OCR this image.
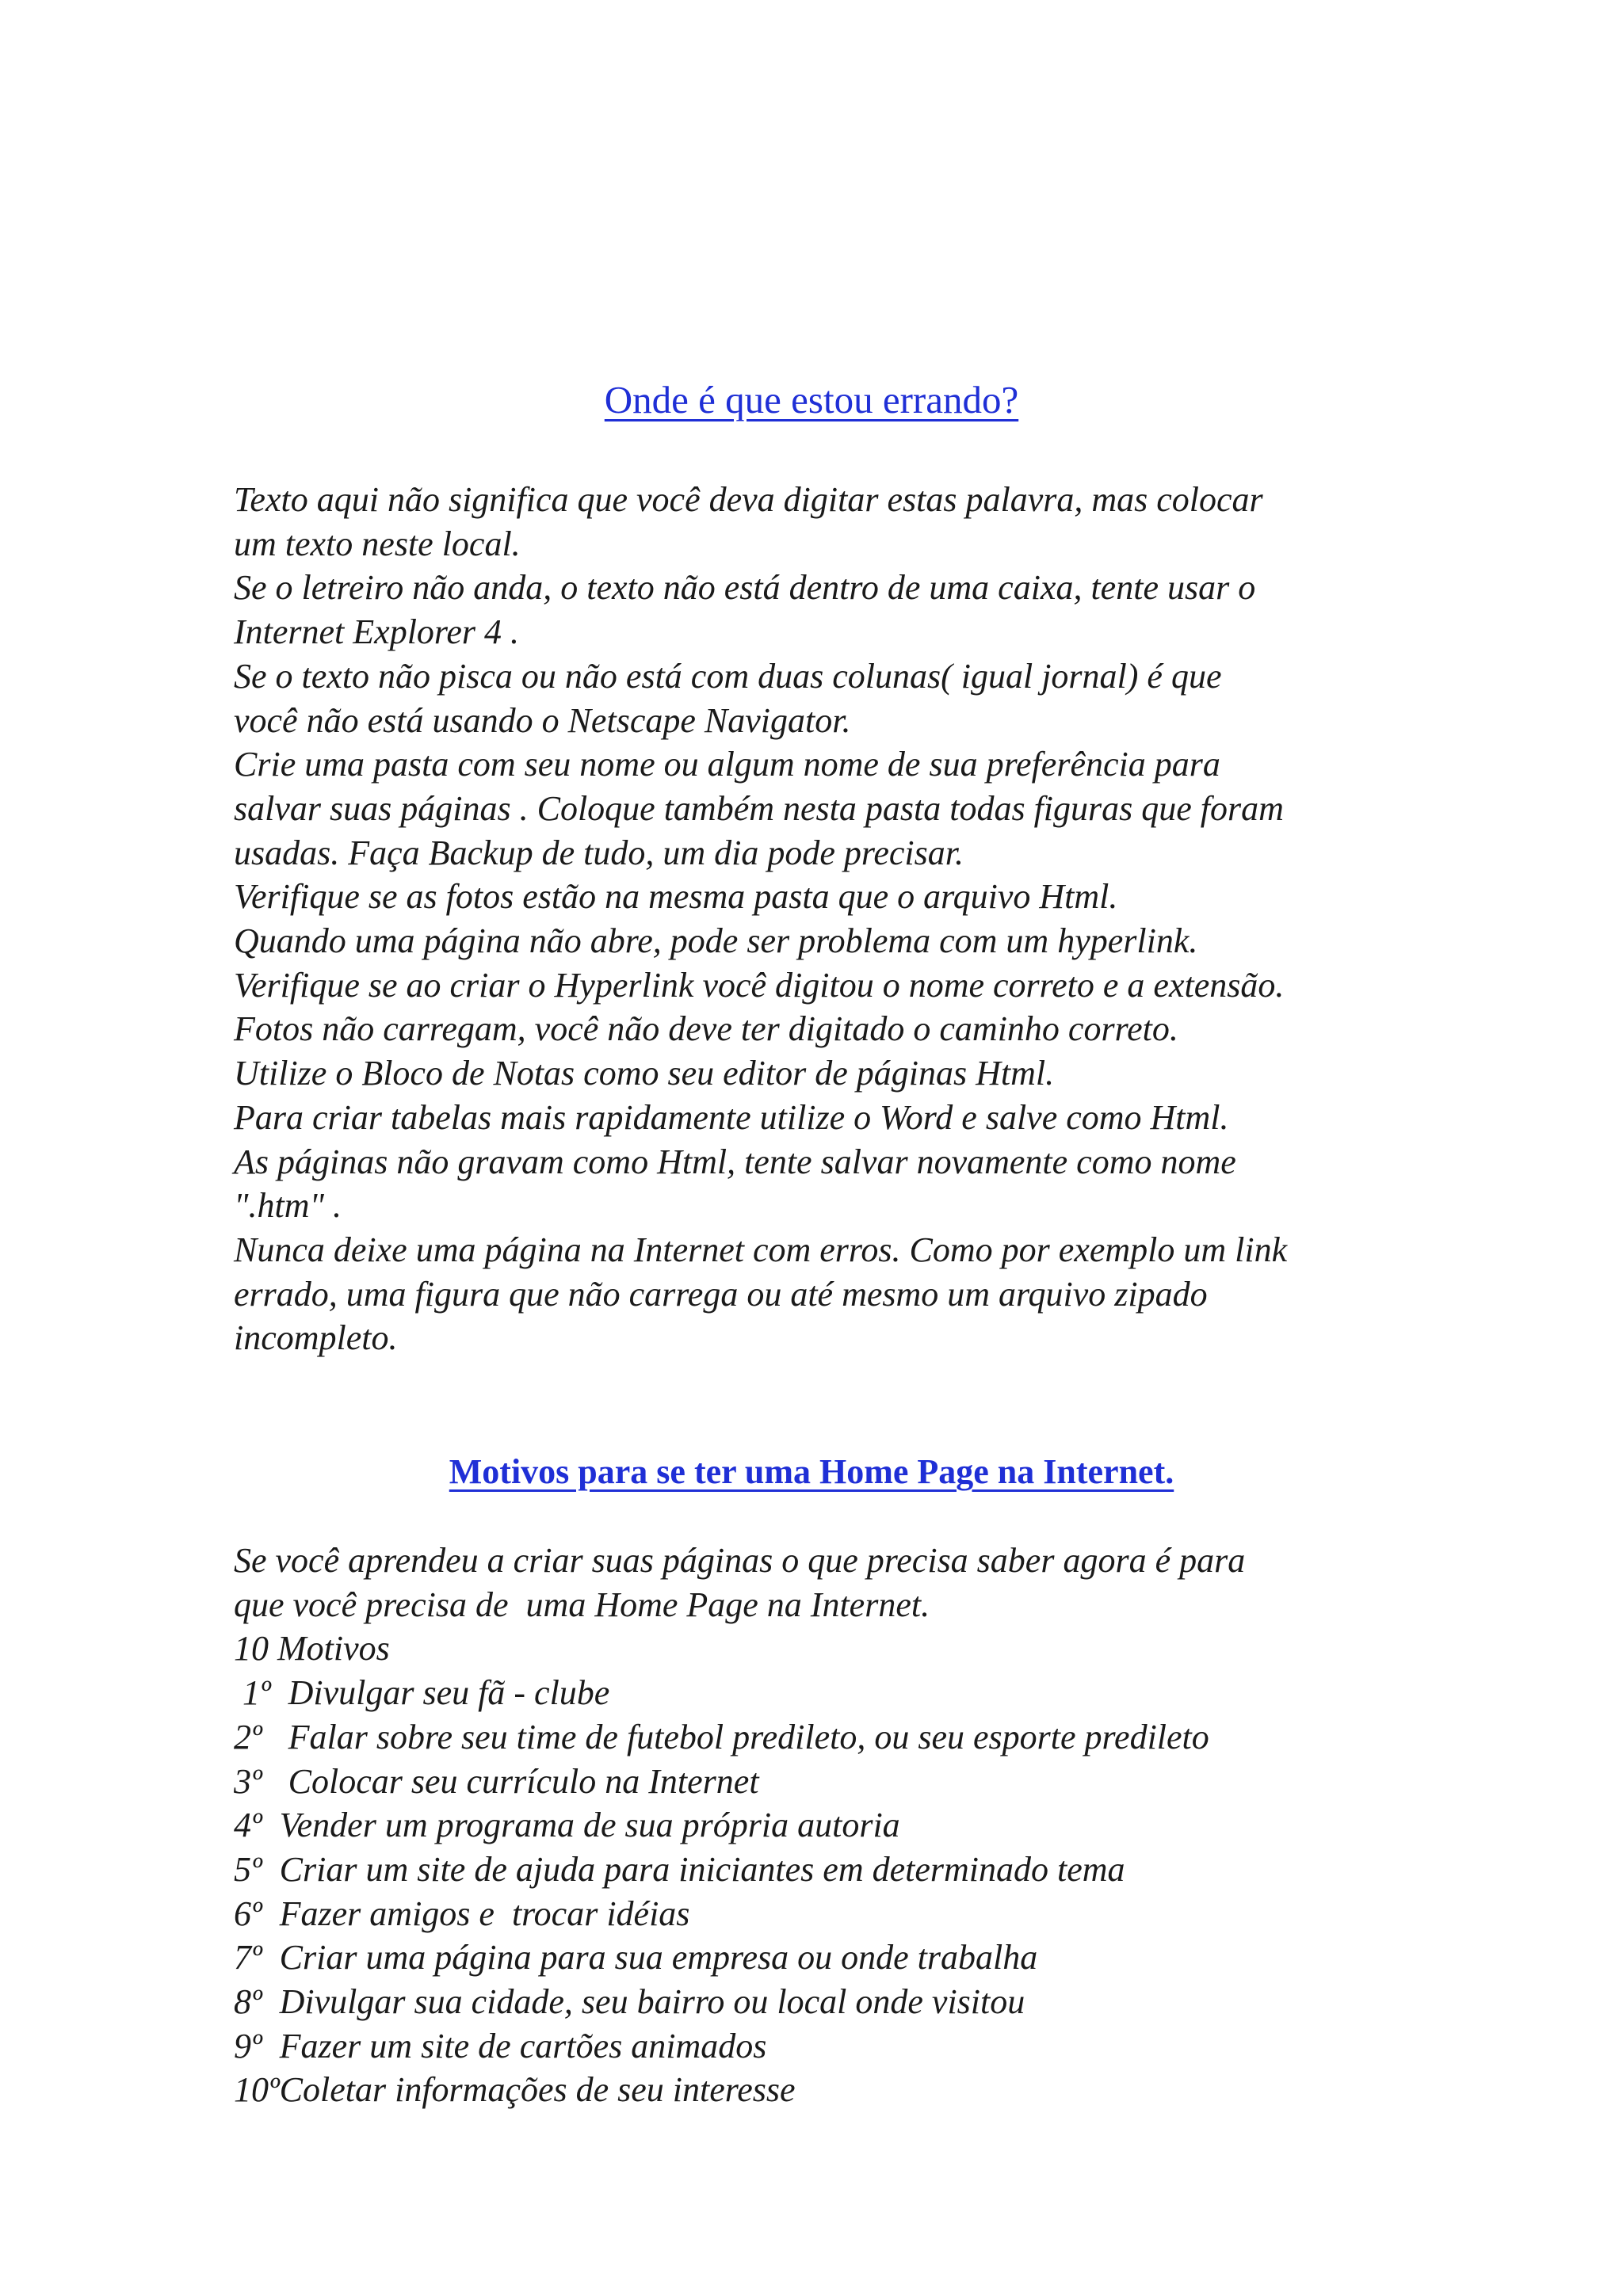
Onde é que estou errando?
Texto aqui não significa que você deva digitar estas palavra, mas colocar
um texto neste local.
Se o letreiro não anda, o texto não está dentro de uma caixa, tente usar o
Internet Explorer 4 .
Se o texto não pisca ou não está com duas colunas( igual jornal) é que
você não está usando o Netscape Navigator.
Crie uma pasta com seu nome ou algum nome de sua preferência para
salvar suas páginas . Coloque também nesta pasta todas figuras que foram
usadas. Faça Backup de tudo, um dia pode precisar.
Verifique se as fotos estão na mesma pasta que o arquivo Html.
Quando uma página não abre, pode ser problema com um hyperlink.
Verifique se ao criar o Hyperlink você digitou o nome correto e a extensão.
Fotos não carregam, você não deve ter digitado o caminho correto.
Utilize o Bloco de Notas como seu editor de páginas Html.
Para criar tabelas mais rapidamente utilize o Word e salve como Html.
As páginas não gravam como Html, tente salvar novamente como nome
".htm" .
Nunca deixe uma página na Internet com erros. Como por exemplo um link
errado, uma figura que não carrega ou até mesmo um arquivo zipado
incompleto.
Motivos para se ter uma Home Page na Internet.
Se você aprendeu a criar suas páginas o que precisa saber agora é para
que você precisa de  uma Home Page na Internet.
10 Motivos
1º  Divulgar seu fã - clube
2º   Falar sobre seu time de futebol predileto, ou seu esporte predileto
3º   Colocar seu currículo na Internet
4º  Vender um programa de sua própria autoria
5º  Criar um site de ajuda para iniciantes em determinado tema
6º  Fazer amigos e  trocar idéias
7º  Criar uma página para sua empresa ou onde trabalha
8º  Divulgar sua cidade, seu bairro ou local onde visitou
9º  Fazer um site de cartões animados
10ºColetar informações de seu interesse
